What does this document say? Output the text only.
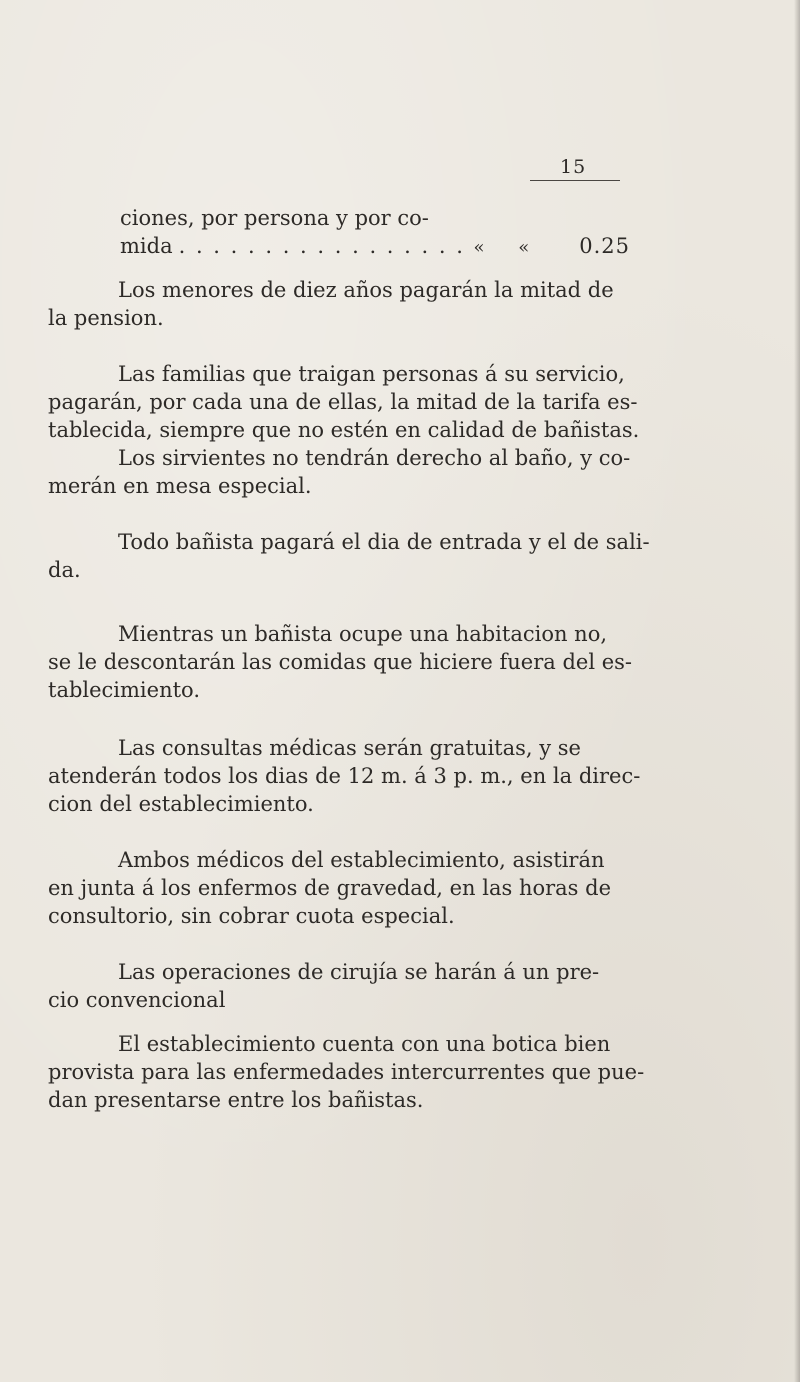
15
ciones, por persona y por co-
mida
. . .	« « 0.25
Los menores de diez años pagarán la mitad de
la pension.
Las familias que traigan personas á su servicio,
pagarán, por cada una de ellas, la mitad de la tarifa es-
tablecida, siempre que no estén en calidad de bañistas.
Los sirvientes no tendrán derecho al baño, y co-
merán en mesa especial.
Todo bañista pagará el dia de entrada y el de sali-
da.
Mientras un bañista ocupe una habitacion no,
se le descontarán las comidas que hiciere fuera del es-
tablecimiento.
Las consultas médicas serán gratuitas, y se
atenderán todos los dias de 12 m. á 3 p. m., en la direc-
cion del establecimiento.
Ambos médicos del establecimiento, asistirán
en junta á los enfermos de gravedad, en las horas de
consultorio, sin cobrar cuota especial.
Las operaciones de cirujía se harán á un pre-
cio convencional
El establecimiento cuenta con una botica bien
provista para las enfermedades intercurrentes que pue-
dan presentarse entre los bañistas.
